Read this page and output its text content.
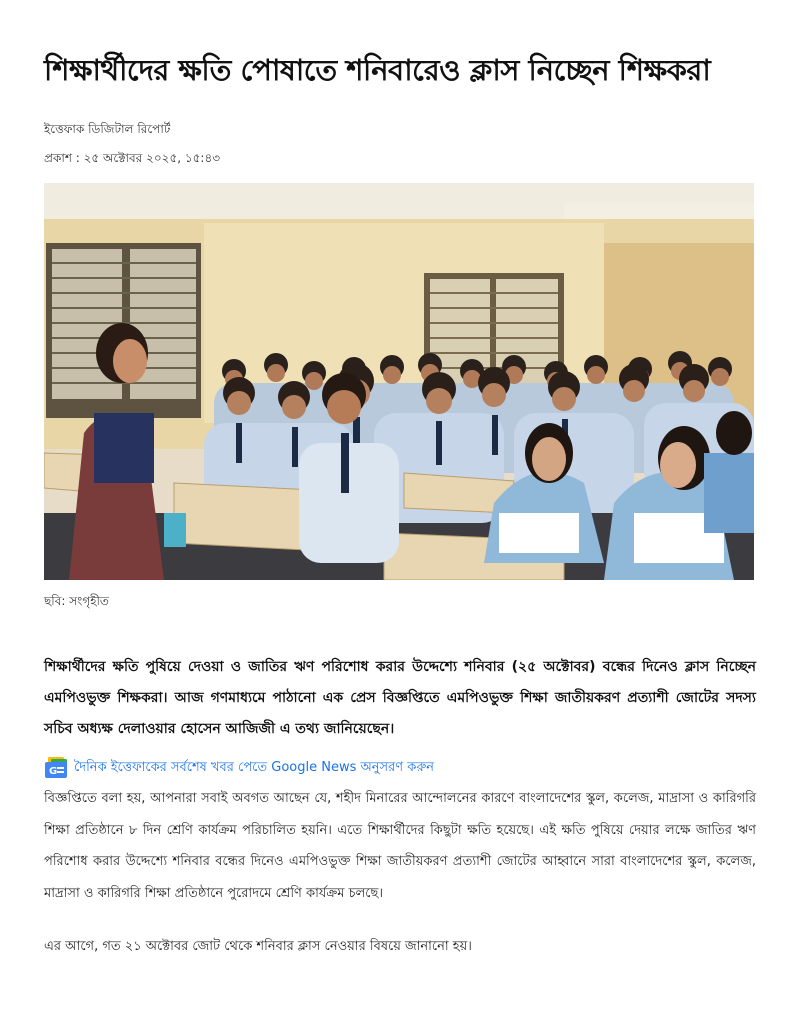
শিক্ষার্থীদের ক্ষতি পোষাতে শনিবারেও ক্লাস নিচ্ছেন শিক্ষকরা
ইত্তেফাক ডিজিটাল রিপোর্ট
প্রকাশ : ২৫ অক্টোবর ২০২৫, ১৫:৪৩
ছবি: সংগৃহীত

শিক্ষার্থীদের ক্ষতি পুষিয়ে দেওয়া ও জাতির ঋণ পরিশোধ করার উদ্দেশ্যে শনিবার (২৫ অক্টোবর) বন্ধের দিনেও ক্লাস নিচ্ছেন এমপিওভুক্ত শিক্ষকরা। আজ গণমাধ্যমে পাঠানো এক প্রেস বিজ্ঞপ্তিতে এমপিওভুক্ত শিক্ষা জাতীয়করণ প্রত্যাশী জোটের সদস্য সচিব অধ্যক্ষ দেলাওয়ার হোসেন আজিজী এ তথ্য জানিয়েছেন।

G দৈনিক ইত্তেফাকের সর্বশেষ খবর পেতে Google News অনুসরণ করুন

বিজ্ঞপ্তিতে বলা হয়, আপনারা সবাই অবগত আছেন যে, শহীদ মিনারের আন্দোলনের কারণে বাংলাদেশের স্কুল, কলেজ, মাদ্রাসা ও কারিগরি শিক্ষা প্রতিষ্ঠানে ৮ দিন শ্রেণি কার্যক্রম পরিচালিত হয়নি। এতে শিক্ষার্থীদের কিছুটা ক্ষতি হয়েছে। এই ক্ষতি পুষিয়ে দেয়ার লক্ষে জাতির ঋণ পরিশোধ করার উদ্দেশ্যে শনিবার বন্ধের দিনেও এমপিওভুক্ত শিক্ষা জাতীয়করণ প্রত্যাশী জোটের আহ্বানে সারা বাংলাদেশের স্কুল, কলেজ, মাদ্রাসা ও কারিগরি শিক্ষা প্রতিষ্ঠানে পুরোদমে শ্রেণি কার্যক্রম চলছে।

এর আগে, গত ২১ অক্টোবর জোট থেকে শনিবার ক্লাস নেওয়ার বিষয়ে জানানো হয়।
